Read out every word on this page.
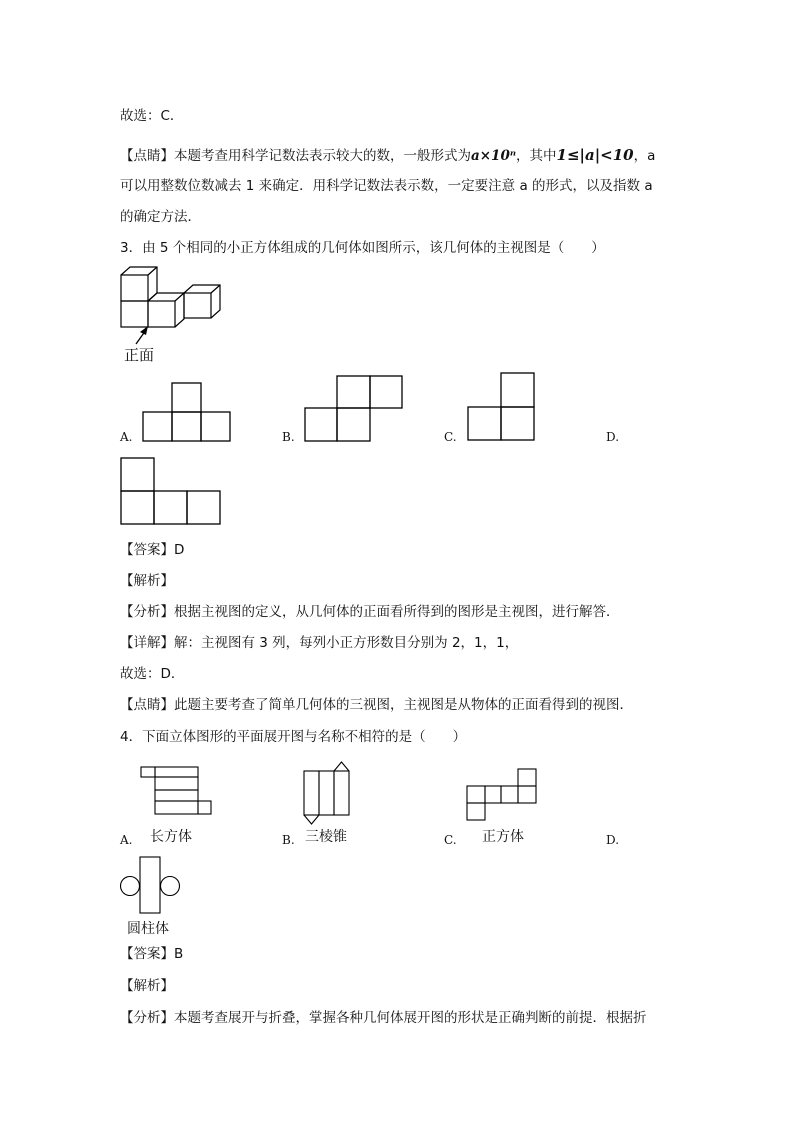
故选：C．
【点睛】本题考查用科学记数法表示较大的数，一般形式为a×10ⁿ，其中1≤|a|<10，a
可以用整数位数减去 1 来确定．用科学记数法表示数，一定要注意 a 的形式，以及指数 a
的确定方法．
3．由 5 个相同的小正方体组成的几何体如图所示，该几何体的主视图是（　　）
正面
A.	B.	C.	D.
【答案】D
【解析】
【分析】根据主视图的定义，从几何体的正面看所得到的图形是主视图，进行解答．
【详解】解：主视图有 3 列，每列小正方形数目分别为 2，1，1，
故选：D．
【点睛】此题主要考查了简单几何体的三视图，主视图是从物体的正面看得到的视图．
4．下面立体图形的平面展开图与名称不相符的是（　　）
A. 长方体	B. 三棱锥	C. 正方体	D.
圆柱体
【答案】B
【解析】
【分析】本题考查展开与折叠，掌握各种几何体展开图的形状是正确判断的前提．根据折
